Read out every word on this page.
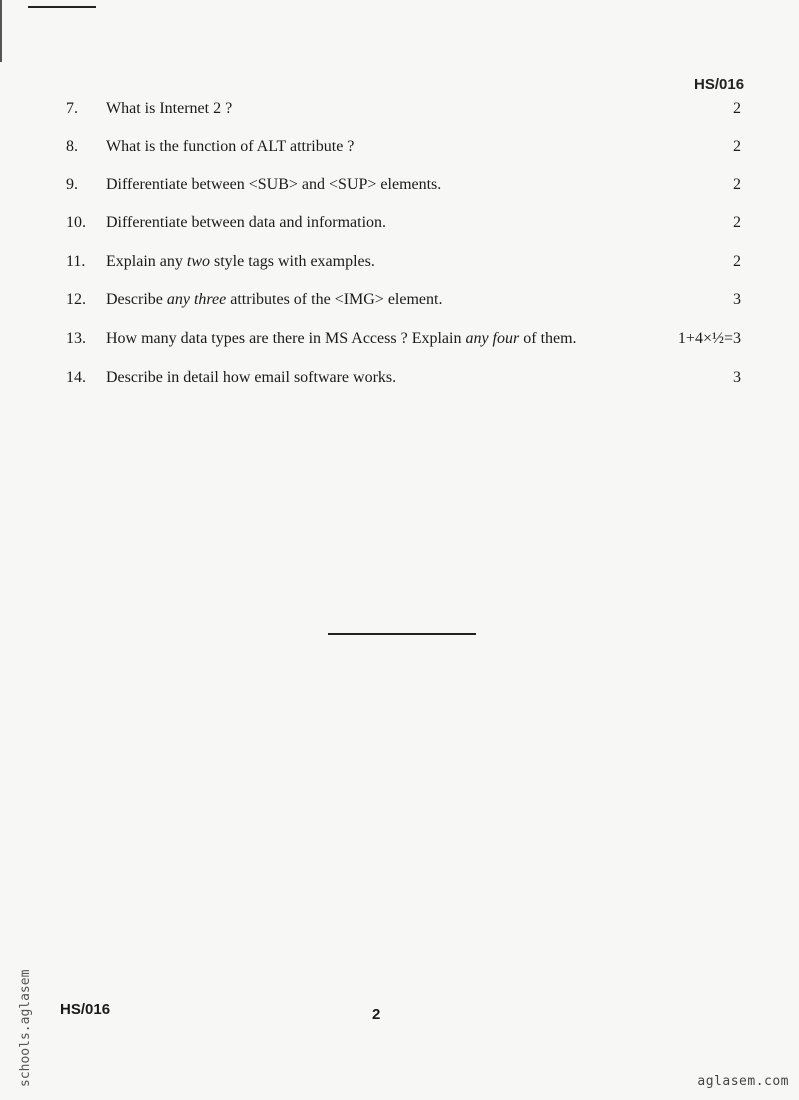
HS/016
7.	What is Internet 2 ?	2
8.	What is the function of ALT attribute ?	2
9.	Differentiate between <SUB> and <SUP> elements.	2
10.	Differentiate between data and information.	2
11.	Explain any two style tags with examples.	2
12.	Describe any three attributes of the <IMG> element.	3
13.	How many data types are there in MS Access ? Explain any four of them.	1+4×½=3
14.	Describe in detail how email software works.	3
HS/016	2
schools.aglasem	aglasem.com
